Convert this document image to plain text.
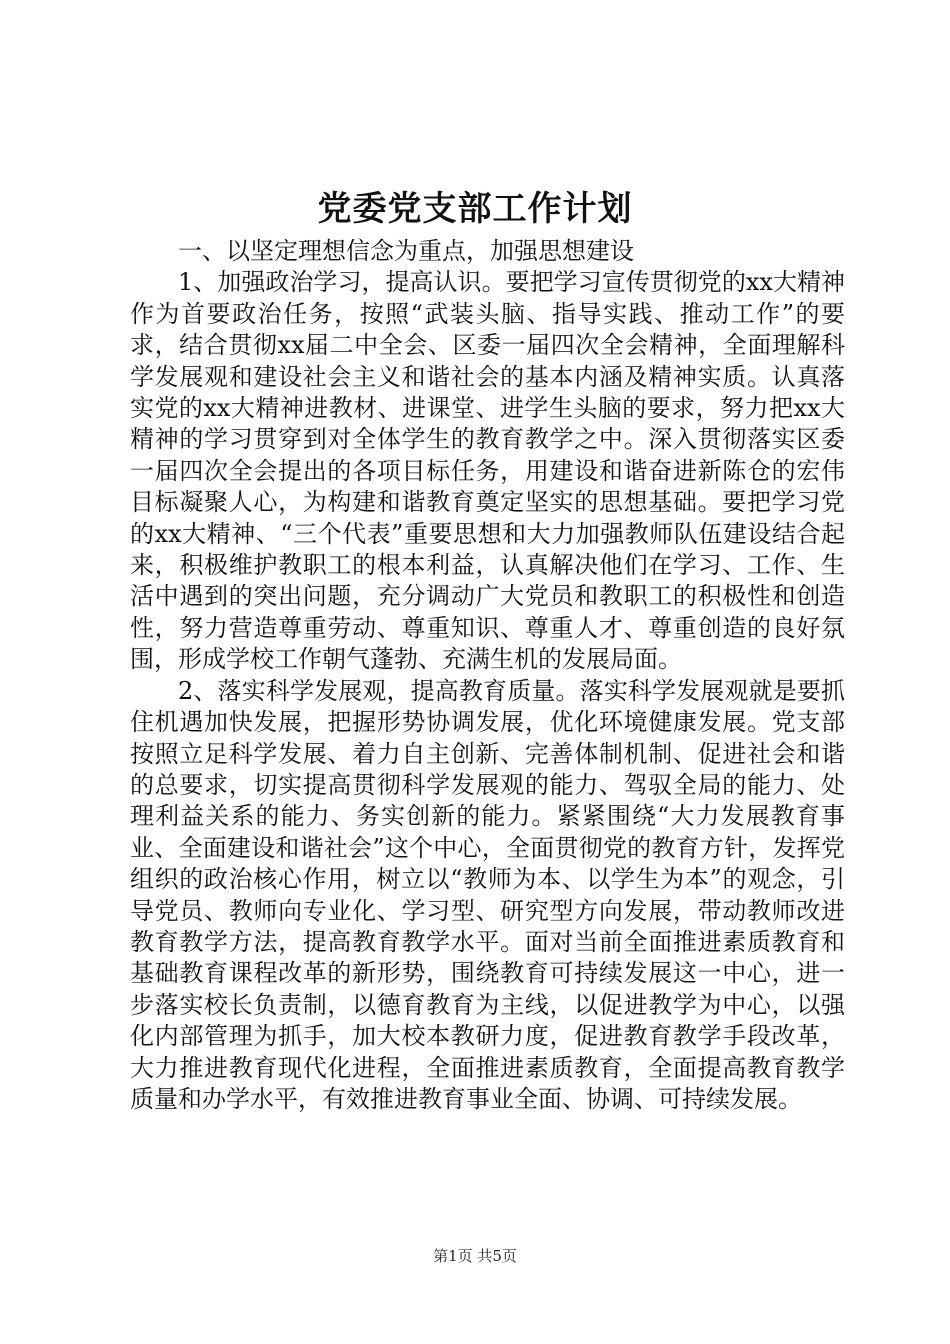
党委党支部工作计划

一、以坚定理想信念为重点，加强思想建设

1、加强政治学习，提高认识。要把学习宣传贯彻党的xx大精神作为首要政治任务，按照“武装头脑、指导实践、推动工作”的要求，结合贯彻xx届二中全会、区委一届四次全会精神，全面理解科学发展观和建设社会主义和谐社会的基本内涵及精神实质。认真落实党的xx大精神进教材、进课堂、进学生头脑的要求，努力把xx大精神的学习贯穿到对全体学生的教育教学之中。深入贯彻落实区委一届四次全会提出的各项目标任务，用建设和谐奋进新陈仓的宏伟目标凝聚人心，为构建和谐教育奠定坚实的思想基础。要把学习党的xx大精神、“三个代表”重要思想和大力加强教师队伍建设结合起来，积极维护教职工的根本利益，认真解决他们在学习、工作、生活中遇到的突出问题，充分调动广大党员和教职工的积极性和创造性，努力营造尊重劳动、尊重知识、尊重人才、尊重创造的良好氛围，形成学校工作朝气蓬勃、充满生机的发展局面。

2、落实科学发展观，提高教育质量。落实科学发展观就是要抓住机遇加快发展，把握形势协调发展，优化环境健康发展。党支部按照立足科学发展、着力自主创新、完善体制机制、促进社会和谐的总要求，切实提高贯彻科学发展观的能力、驾驭全局的能力、处理利益关系的能力、务实创新的能力。紧紧围绕“大力发展教育事业、全面建设和谐社会”这个中心，全面贯彻党的教育方针，发挥党组织的政治核心作用，树立以“教师为本、以学生为本”的观念，引导党员、教师向专业化、学习型、研究型方向发展，带动教师改进教育教学方法，提高教育教学水平。面对当前全面推进素质教育和基础教育课程改革的新形势，围绕教育可持续发展这一中心，进一步落实校长负责制，以德育教育为主线，以促进教学为中心，以强化内部管理为抓手，加大校本教研力度，促进教育教学手段改革，大力推进教育现代化进程，全面推进素质教育，全面提高教育教学质量和办学水平，有效推进教育事业全面、协调、可持续发展。

第1页 共5页
